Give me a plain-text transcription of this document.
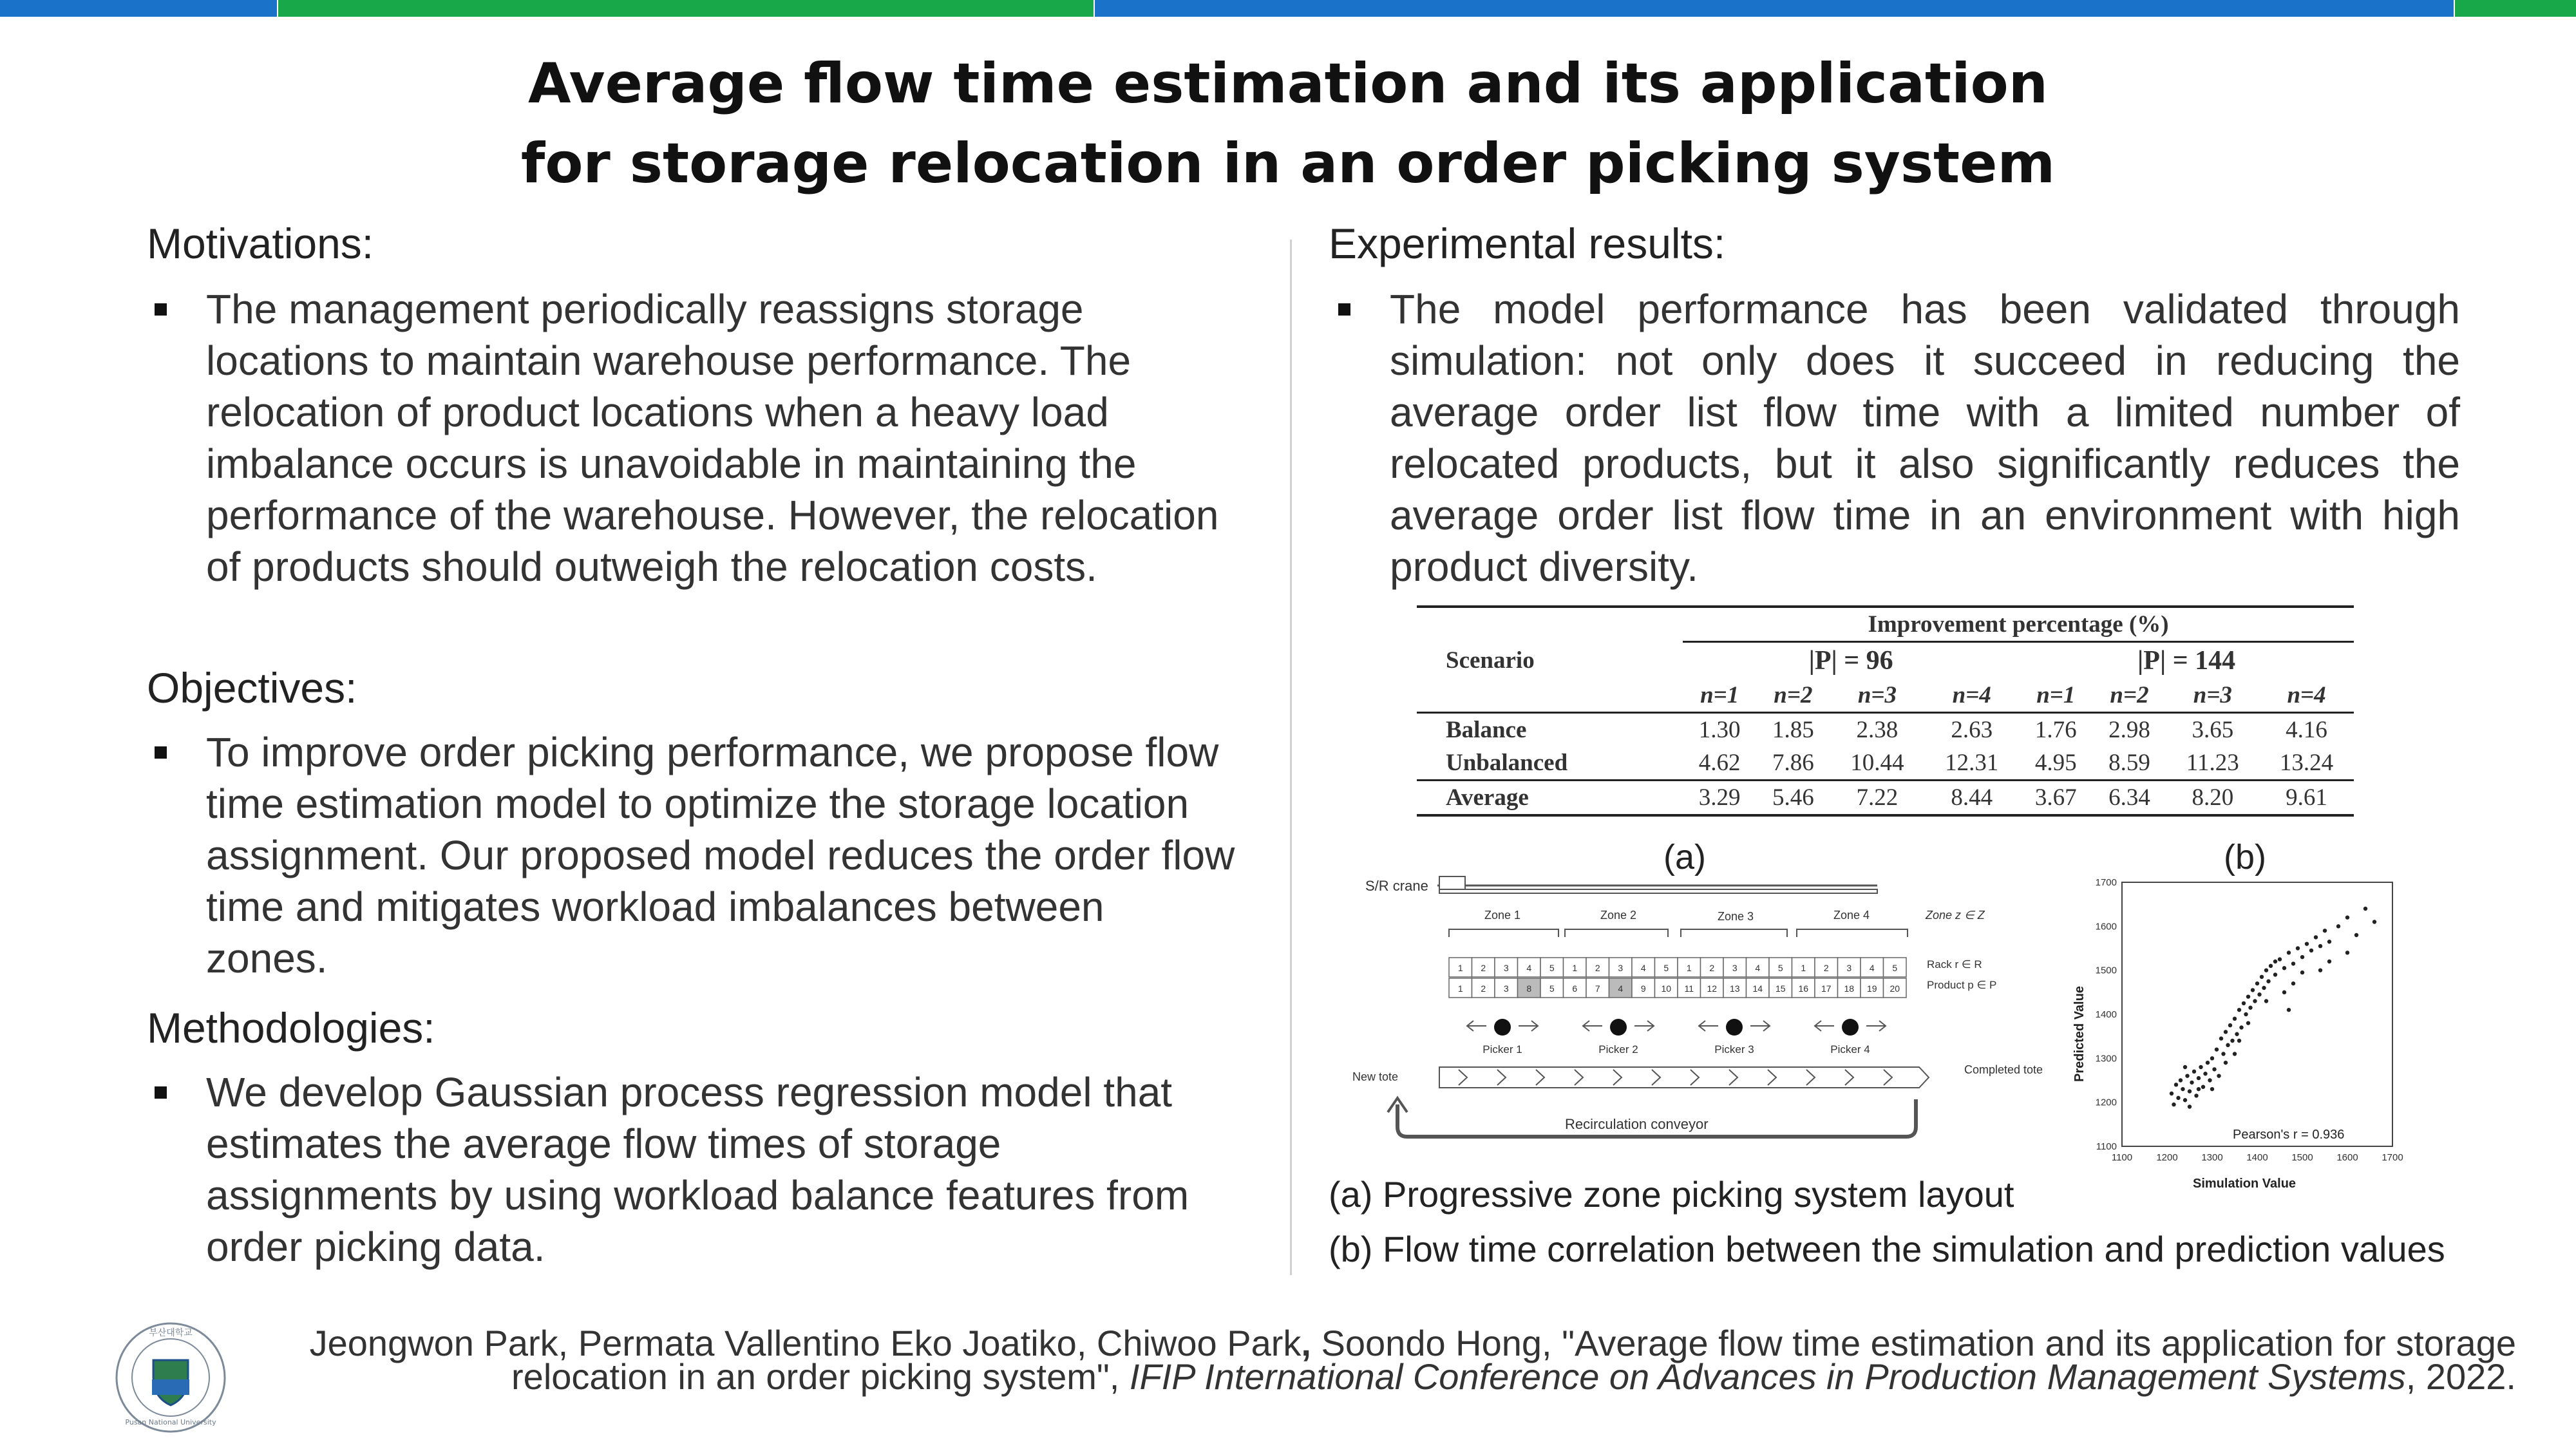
Average flow time estimation and its application
for storage relocation in an order picking system
Motivations:
The management periodically reassigns storage locations to maintain warehouse performance. The relocation of product locations when a heavy load imbalance occurs is unavoidable in maintaining the performance of the warehouse. However, the relocation of products should outweigh the relocation costs.
Objectives:
To improve order picking performance, we propose flow time estimation model to optimize the storage location assignment. Our proposed model reduces the order flow time and mitigates workload imbalances between zones.
Methodologies:
We develop Gaussian process regression model that estimates the average flow times of storage assignments by using workload balance features from order picking data.
Experimental results:
The model performance has been validated through simulation: not only does it succeed in reducing the average order list flow time with a limited number of relocated products, but it also significantly reduces the average order list flow time in an environment with high product diversity.
	Improvement percentage (%)							
Scenario	|P| = 96				|P| = 144			
	n=1	n=2	n=3	n=4	n=1	n=2	n=3	n=4
Balance	1.30	1.85	2.38	2.63	1.76	2.98	3.65	4.16
Unbalanced	4.62	7.86	10.44	12.31	4.95	8.59	11.23	13.24
Average	3.29	5.46	7.22	8.44	3.67	6.34	8.20	9.61
(a)	(b)
S/R crane
Zone 1	Zone 2	Zone 3	Zone 4	Zone z ∈ Z
1 2 3 4 5 1 2 3 4 5 1 2 3 4 5 1 2 3 4 5
1 2 3 8 5 6 7 4 9 10 11 12 13 14 15 16 17 18 19 20
Rack r ∈ R
Product p ∈ P
Picker 1	Picker 2	Picker 3	Picker 4
New tote
Completed tote
Recirculation conveyor
1100 1200 1300 1400 1500 1600 1700
1100
1200
1300
1400
1500
1600
1700
Pearson's r = 0.936
Simulation Value
Predicted Value
(a) Progressive zone picking system layout
(b) Flow time correlation between the simulation and prediction values
부산대학교
Pusan National University
Jeongwon Park, Permata Vallentino Eko Joatiko, Chiwoo Park, Soondo Hong, "Average flow time estimation and its application for storage
relocation in an order picking system", IFIP International Conference on Advances in Production Management Systems, 2022.
